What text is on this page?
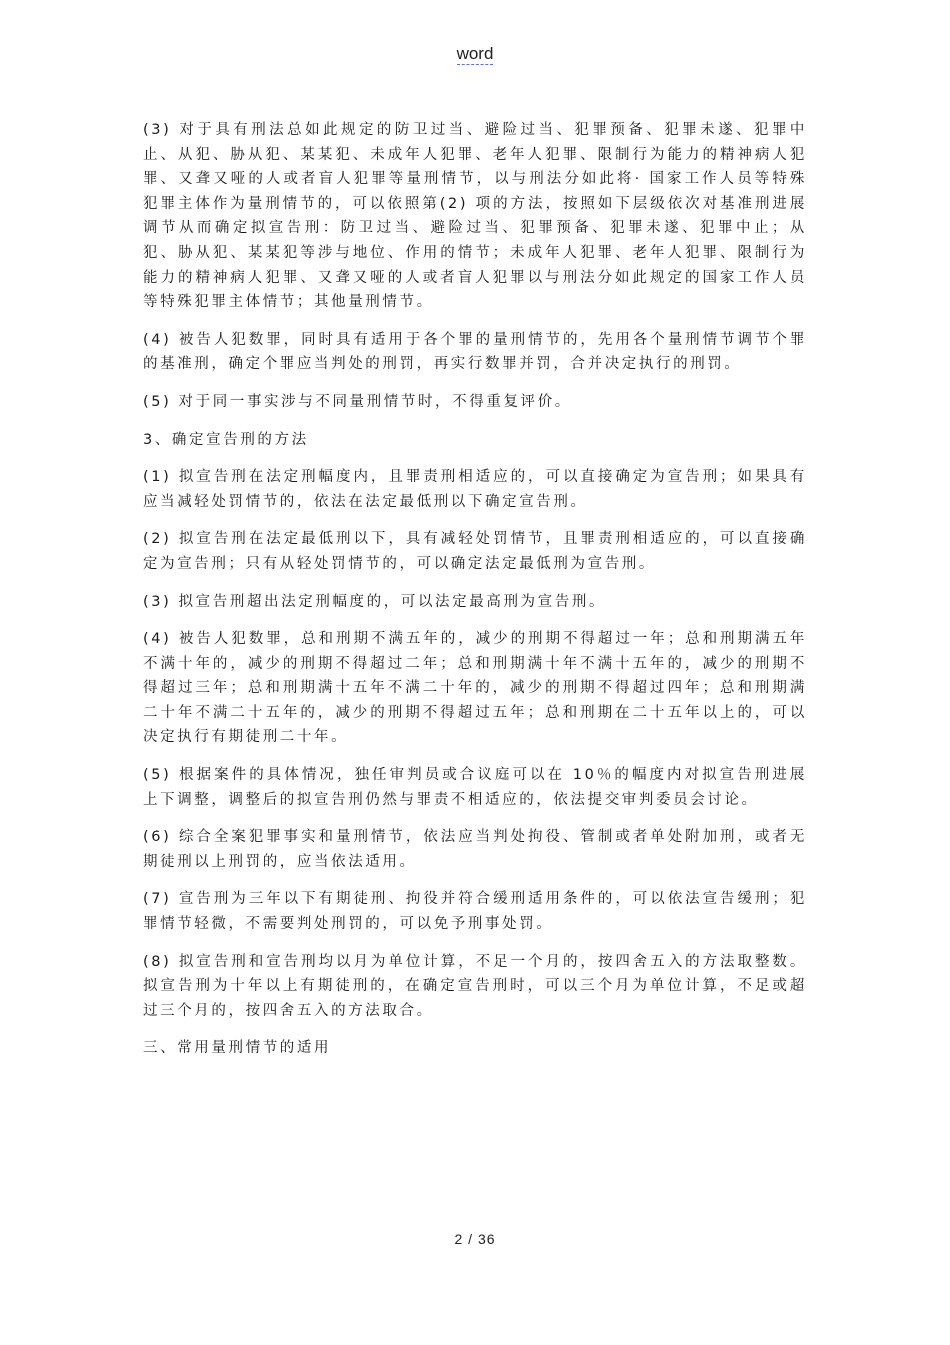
word

(3) 对于具有刑法总如此规定的防卫过当、避险过当、犯罪预备、犯罪未遂、犯罪中止、从犯、胁从犯、某某犯、未成年人犯罪、老年人犯罪、限制行为能力的精神病人犯罪、又聋又哑的人或者盲人犯罪等量刑情节，以与刑法分如此将· 国家工作人员等特殊犯罪主体作为量刑情节的，可以依照第(2) 项的方法，按照如下层级依次对基准刑进展调节从而确定拟宣告刑：防卫过当、避险过当、犯罪预备、犯罪未遂、犯罪中止；从犯、胁从犯、某某犯等涉与地位、作用的情节；未成年人犯罪、老年人犯罪、限制行为能力的精神病人犯罪、又聋又哑的人或者盲人犯罪以与刑法分如此规定的国家工作人员等特殊犯罪主体情节；其他量刑情节。

(4) 被告人犯数罪，同时具有适用于各个罪的量刑情节的，先用各个量刑情节调节个罪的基准刑，确定个罪应当判处的刑罚，再实行数罪并罚，合并决定执行的刑罚。

(5) 对于同一事实涉与不同量刑情节时，不得重复评价。

3、确定宣告刑的方法

(1) 拟宣告刑在法定刑幅度内，且罪责刑相适应的，可以直接确定为宣告刑；如果具有应当减轻处罚情节的，依法在法定最低刑以下确定宣告刑。

(2) 拟宣告刑在法定最低刑以下，具有减轻处罚情节，且罪责刑相适应的，可以直接确定为宣告刑；只有从轻处罚情节的，可以确定法定最低刑为宣告刑。

(3) 拟宣告刑超出法定刑幅度的，可以法定最高刑为宣告刑。

(4) 被告人犯数罪，总和刑期不满五年的，减少的刑期不得超过一年；总和刑期满五年不满十年的，减少的刑期不得超过二年；总和刑期满十年不满十五年的，减少的刑期不得超过三年；总和刑期满十五年不满二十年的，减少的刑期不得超过四年；总和刑期满二十年不满二十五年的，减少的刑期不得超过五年；总和刑期在二十五年以上的，可以决定执行有期徒刑二十年。

(5) 根据案件的具体情况，独任审判员或合议庭可以在 10％的幅度内对拟宣告刑进展上下调整，调整后的拟宣告刑仍然与罪责不相适应的，依法提交审判委员会讨论。

(6) 综合全案犯罪事实和量刑情节，依法应当判处拘役、管制或者单处附加刑，或者无期徒刑以上刑罚的，应当依法适用。

(7) 宣告刑为三年以下有期徒刑、拘役并符合缓刑适用条件的，可以依法宣告缓刑；犯罪情节轻微，不需要判处刑罚的，可以免予刑事处罚。

(8) 拟宣告刑和宣告刑均以月为单位计算，不足一个月的，按四舍五入的方法取整数。拟宣告刑为十年以上有期徒刑的，在确定宣告刑时，可以三个月为单位计算，不足或超过三个月的，按四舍五入的方法取合。

三、常用量刑情节的适用

2 / 36
